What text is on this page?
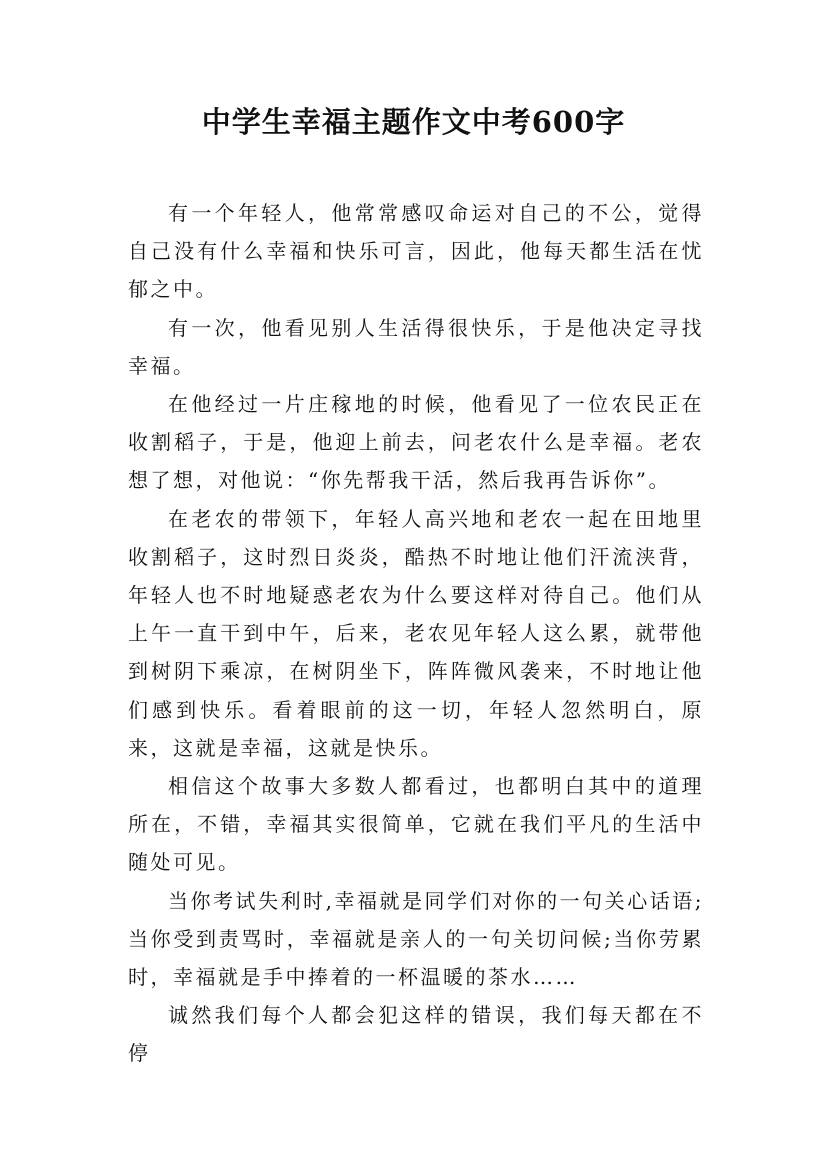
中学生幸福主题作文中考600字

有一个年轻人，他常常感叹命运对自己的不公，觉得自己没有什么幸福和快乐可言，因此，他每天都生活在忧郁之中。

有一次，他看见别人生活得很快乐，于是他决定寻找幸福。

在他经过一片庄稼地的时候，他看见了一位农民正在收割稻子，于是，他迎上前去，问老农什么是幸福。老农想了想，对他说：“你先帮我干活，然后我再告诉你”。

在老农的带领下，年轻人高兴地和老农一起在田地里收割稻子，这时烈日炎炎，酷热不时地让他们汗流浃背，年轻人也不时地疑惑老农为什么要这样对待自己。他们从上午一直干到中午，后来，老农见年轻人这么累，就带他到树阴下乘凉，在树阴坐下，阵阵微风袭来，不时地让他们感到快乐。看着眼前的这一切，年轻人忽然明白，原来，这就是幸福，这就是快乐。

相信这个故事大多数人都看过，也都明白其中的道理所在，不错，幸福其实很简单，它就在我们平凡的生活中随处可见。

当你考试失利时,幸福就是同学们对你的一句关心话语;当你受到责骂时，幸福就是亲人的一句关切问候;当你劳累时，幸福就是手中捧着的一杯温暖的茶水……

诚然我们每个人都会犯这样的错误，我们每天都在不停
